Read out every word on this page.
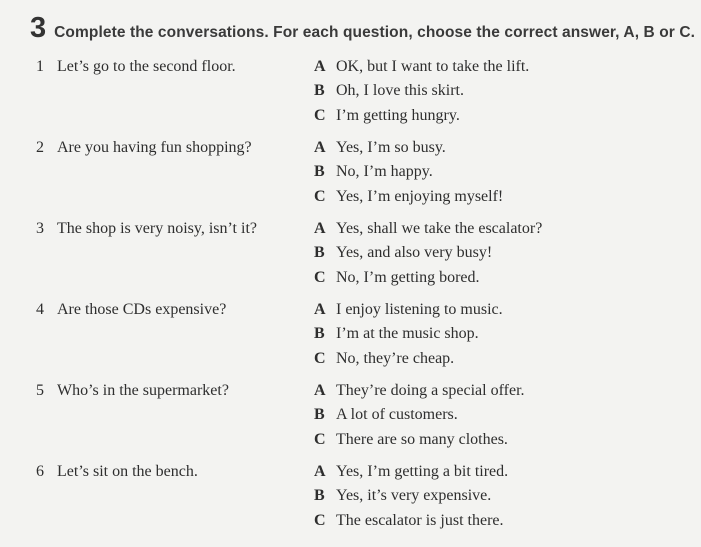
3 Complete the conversations. For each question, choose the correct answer, A, B or C.
1 Let’s go to the second floor.	A OK, but I want to take the lift.
B Oh, I love this skirt.
C I’m getting hungry.
2 Are you having fun shopping?	A Yes, I’m so busy.
B No, I’m happy.
C Yes, I’m enjoying myself!
3 The shop is very noisy, isn’t it?	A Yes, shall we take the escalator?
B Yes, and also very busy!
C No, I’m getting bored.
4 Are those CDs expensive?	A I enjoy listening to music.
B I’m at the music shop.
C No, they’re cheap.
5 Who’s in the supermarket?	A They’re doing a special offer.
B A lot of customers.
C There are so many clothes.
6 Let’s sit on the bench.	A Yes, I’m getting a bit tired.
B Yes, it’s very expensive.
C The escalator is just there.
